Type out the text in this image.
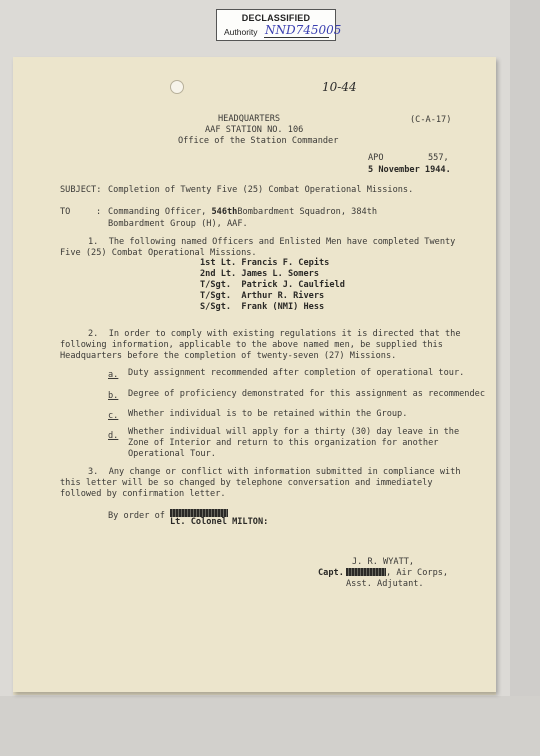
DECLASSIFIED
Authority NND745005
10-44
HEADQUARTERS
AAF STATION NO. 106
Office of the Station Commander
(C-A-17)
APO	557,
5 November 1944.
SUBJECT: Completion of Twenty Five (25) Combat Operational Missions.
TO	: Commanding Officer, 546thBombardment Squadron, 384th
Bombardment Group (H), AAF.
1.  The following named Officers and Enlisted Men have completed Twenty
Five (25) Combat Operational Missions.
1st Lt. Francis F. Cepits
2nd Lt. James L. Somers
T/Sgt.  Patrick J. Caulfield
T/Sgt.  Arthur R. Rivers
S/Sgt.  Frank (NMI) Hess
2.  In order to comply with existing regulations it is directed that the
following information, applicable to the above named men, be supplied this
Headquarters before the completion of twenty-seven (27) Missions.
a. Duty assignment recommended after completion of operational tour.
b. Degree of proficiency demonstrated for this assignment as recommendec
c. Whether individual is to be retained within the Group.
d. Whether individual will apply for a thirty (30) day leave in the
Zone of Interior and return to this organization for another
Operational Tour.
3.  Any change or conflict with information submitted in compliance with
this letter will be so changed by telephone conversation and immediately
followed by confirmation letter.
By order of
Lt. Colonel MILTON:
J. R. WYATT,
Capt.	, Air Corps,
Asst. Adjutant.
